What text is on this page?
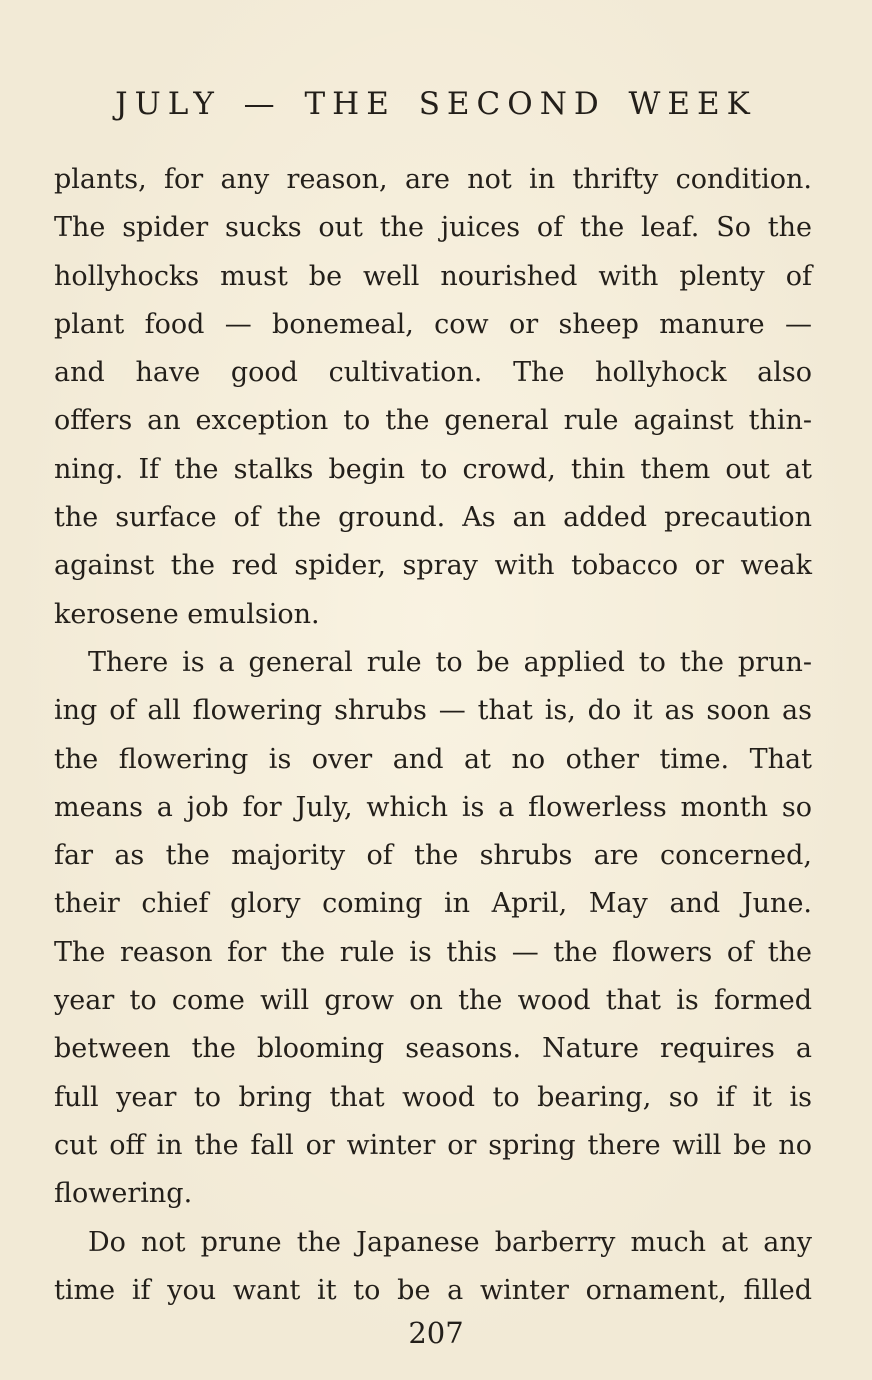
JULY — THE SECOND WEEK
plants, for any reason, are not in thrifty condition.
The spider sucks out the juices of the leaf. So the
hollyhocks must be well nourished with plenty of
plant food — bonemeal, cow or sheep manure —
and have good cultivation. The hollyhock also
offers an exception to the general rule against thin-
ning. If the stalks begin to crowd, thin them out at
the surface of the ground. As an added precaution
against the red spider, spray with tobacco or weak
kerosene emulsion.
There is a general rule to be applied to the prun-
ing of all flowering shrubs — that is, do it as soon as
the flowering is over and at no other time. That
means a job for July, which is a flowerless month so
far as the majority of the shrubs are concerned,
their chief glory coming in April, May and June.
The reason for the rule is this — the flowers of the
year to come will grow on the wood that is formed
between the blooming seasons. Nature requires a
full year to bring that wood to bearing, so if it is
cut off in the fall or winter or spring there will be no
flowering.
Do not prune the Japanese barberry much at any
time if you want it to be a winter ornament, filled
207
